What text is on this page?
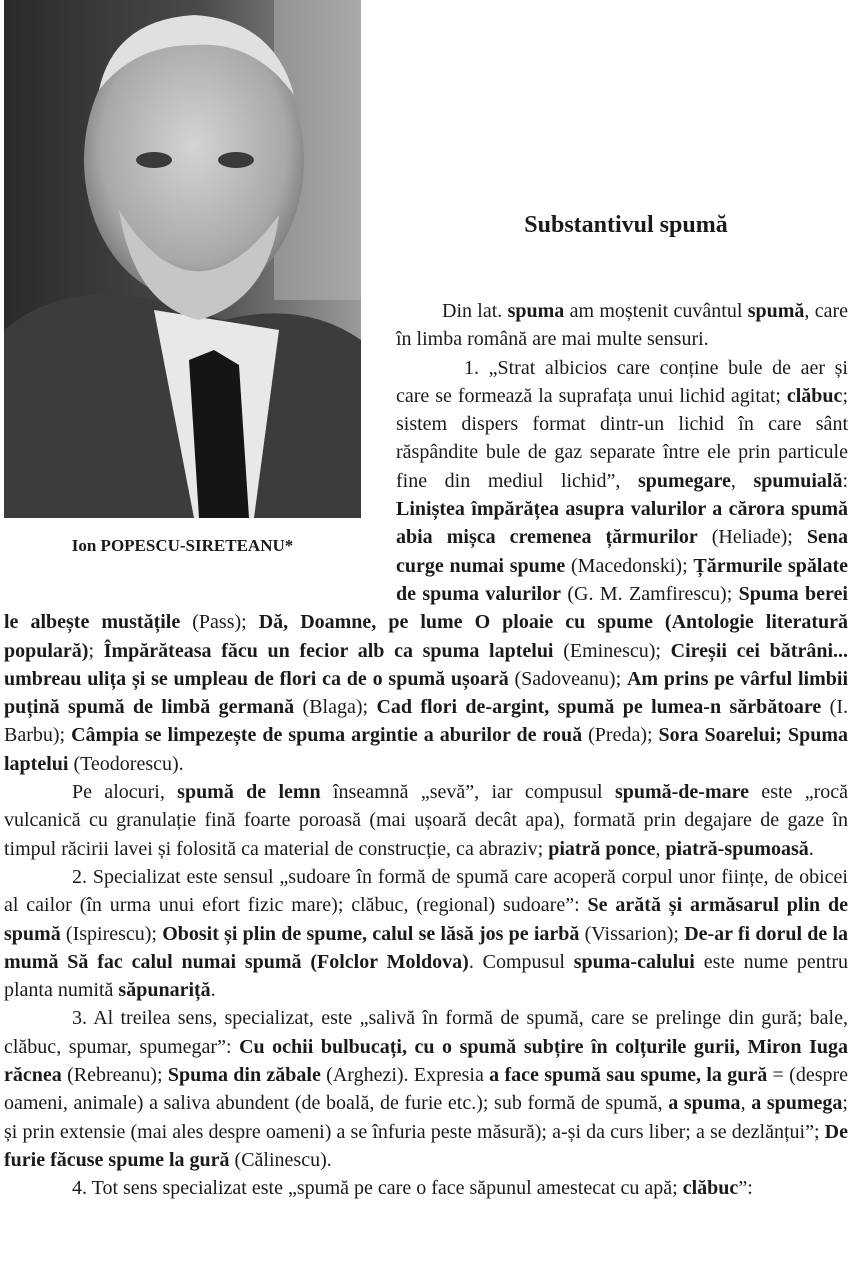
Ion POPESCU-SIRETEANU*
Substantivul spumă

Din lat. spuma am moștenit cuvântul spumă, care în limba română are mai multe sensuri.

1. „Strat albicios care conține bule de aer și care se formează la suprafața unui lichid agitat; clăbuc; sistem dispers format dintr-un lichid în care sânt răspândite bule de gaz separate între ele prin particule fine din mediul lichid”, spumegare, spumuială: Liniștea împărățea asupra valurilor a cărora spumă abia mișca cremenea țărmurilor (Heliade); Sena curge numai spume (Macedonski); Țărmurile spălate de spuma valurilor (G. M. Zamfirescu); Spuma berei le albește mustățile (Pass); Dă, Doamne, pe lume O ploaie cu spume (Antologie literatură populară); Împărăteasa făcu un fecior alb ca spuma laptelui (Eminescu); Cireșii cei bătrâni... umbreau ulița și se umpleau de flori ca de o spumă ușoară (Sadoveanu); Am prins pe vârful limbii puțină spumă de limbă germană (Blaga); Cad flori de-argint, spumă pe lumea-n sărbătoare (I. Barbu); Câmpia se limpezește de spuma argintie a aburilor de rouă (Preda); Sora Soarelui; Spuma laptelui (Teodorescu).

Pe alocuri, spumă de lemn înseamnă „sevă”, iar compusul spumă-de-mare este „rocă vulcanică cu granulație fină foarte poroasă (mai ușoară decât apa), formată prin degajare de gaze în timpul răcirii lavei și folosită ca material de construcție, ca abraziv; piatră ponce, piatră-spumoasă.

2. Specializat este sensul „sudoare în formă de spumă care acoperă corpul unor ființe, de obicei al cailor (în urma unui efort fizic mare); clăbuc, (regional) sudoare”: Se arătă și armăsarul plin de spumă (Ispirescu); Obosit și plin de spume, calul se lăsă jos pe iarbă (Vissarion); De-ar fi dorul de la mumă Să fac calul numai spumă (Folclor Moldova). Compusul spuma-calului este nume pentru planta numită săpunariță.

3. Al treilea sens, specializat, este „salivă în formă de spumă, care se prelinge din gură; bale, clăbuc, spumar, spumegar”: Cu ochii bulbucați, cu o spumă subțire în colțurile gurii, Miron Iuga răcnea (Rebreanu); Spuma din zăbale (Arghezi). Expresia a face spumă sau spume, la gură = (despre oameni, animale) a saliva abundent (de boală, de furie etc.); sub formă de spumă, a spuma, a spumega; și prin extensie (mai ales despre oameni) a se înfuria peste măsură); a-și da curs liber; a se dezlănțui”; De furie făcuse spume la gură (Călinescu).

4. Tot sens specializat este „spumă pe care o face săpunul amestecat cu apă; clăbuc”:
